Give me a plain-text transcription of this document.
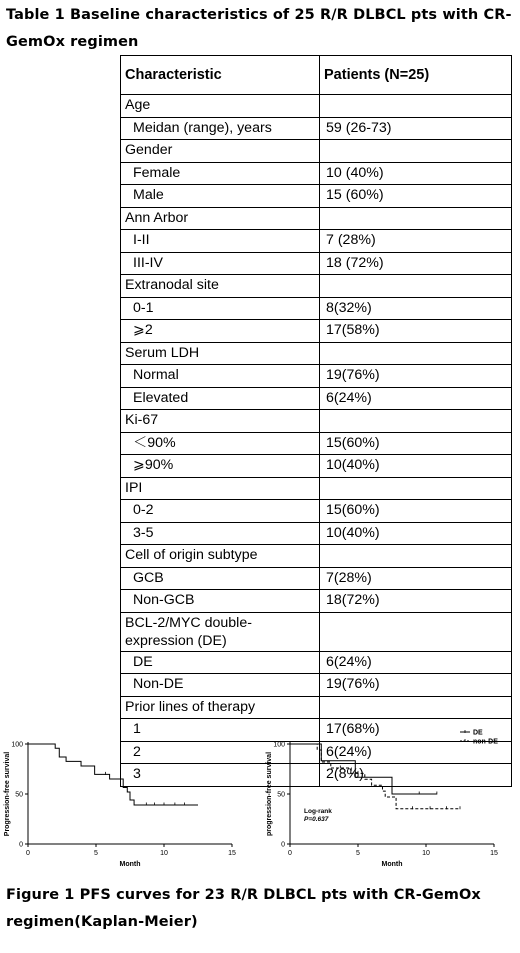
Table 1 Baseline characteristics of 25 R/R DLBCL pts with CR-GemOx regimen
Characteristic	Patients (N=25)
Age	
Meidan (range), years	59 (26-73)
Gender	
Female	10 (40%)
Male	15 (60%)
Ann Arbor	
I-II	7 (28%)
III-IV	18 (72%)
Extranodal site	
0-1	8(32%)
⩾2	17(58%)
Serum LDH	
Normal	19(76%)
Elevated	6(24%)
Ki-67	
＜90%	15(60%)
⩾90%	10(40%)
IPI	
0-2	15(60%)
3-5	10(40%)
Cell of origin subtype	
GCB	7(28%)
Non-GCB	18(72%)
BCL-2/MYC double-expression (DE)	
DE	6(24%)
Non-DE	19(76%)
Prior lines of therapy	
1	17(68%)
2	6(24%)
3	2(8%)
0
50
100
0	5	10	15
Month
Progression-free survival
0
50
100
0	5	10	15
Month
progression-free survival
DE
non-DE
Log-rank
P=0.637
Figure 1 PFS curves for 23 R/R DLBCL pts with CR-GemOx regimen(Kaplan-Meier)
